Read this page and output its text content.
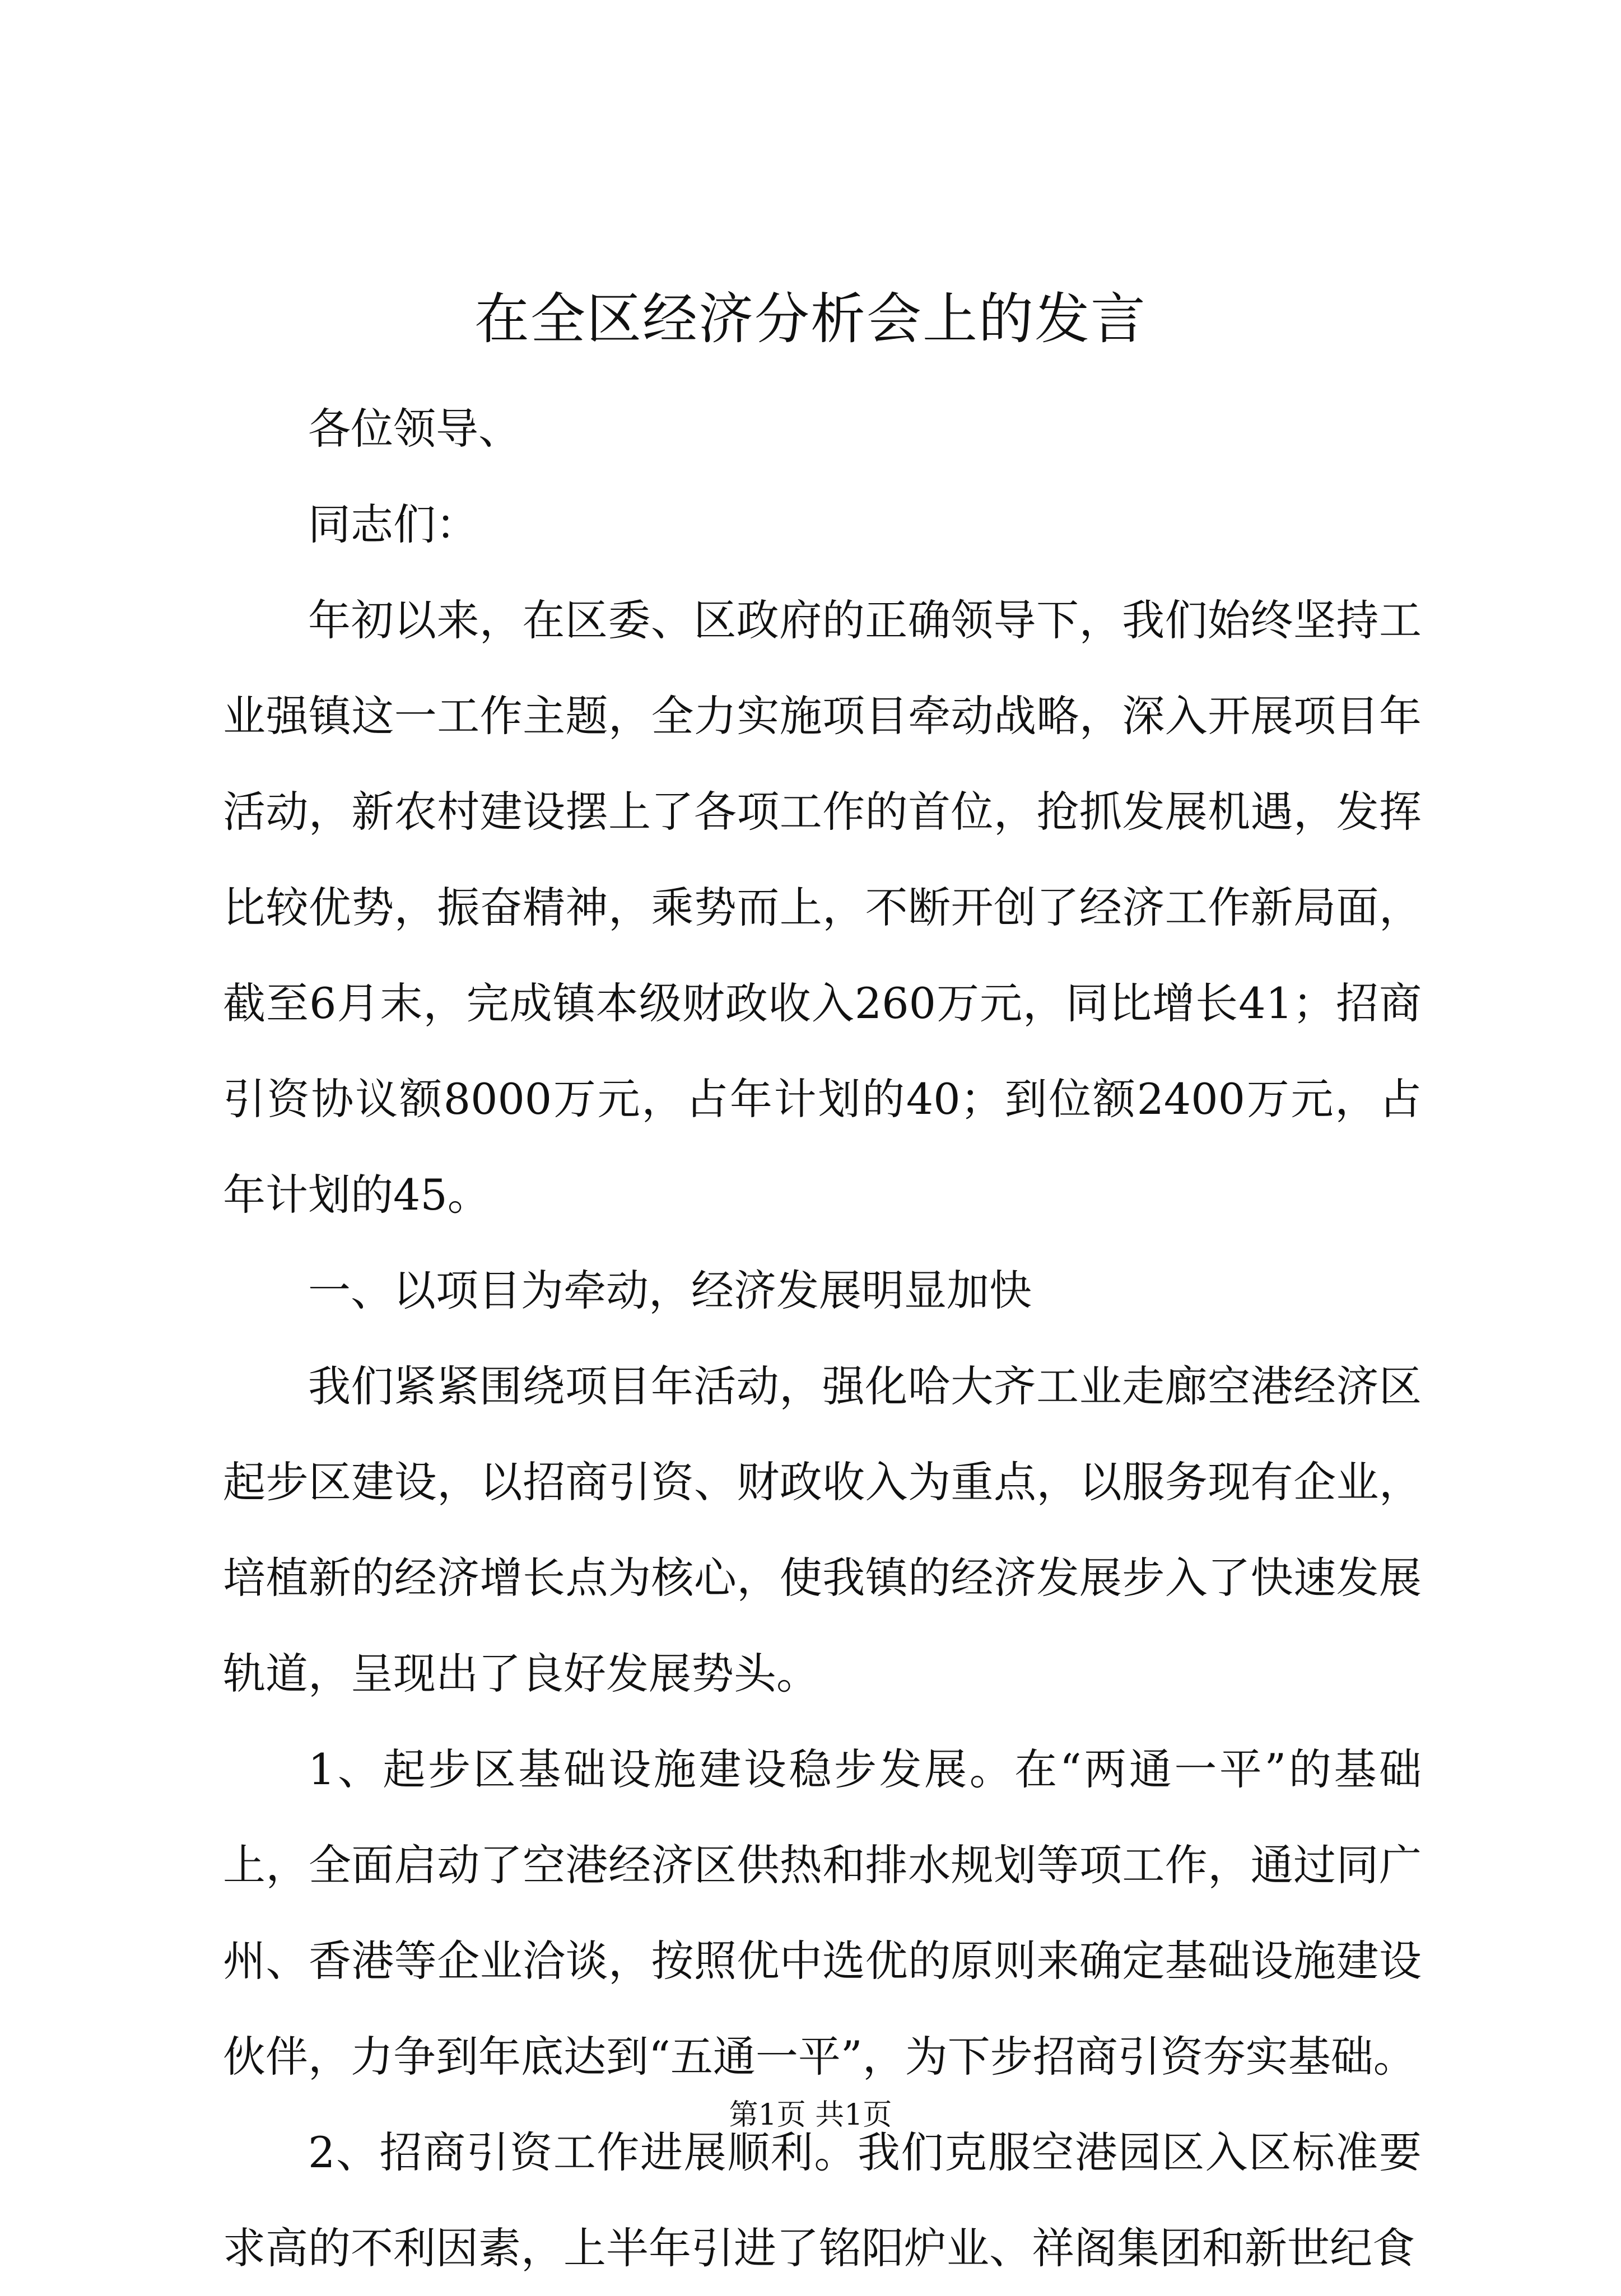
在全区经济分析会上的发言

各位领导、

同志们：

年初以来，在区委、区政府的正确领导下，我们始终坚持工业强镇这一工作主题，全力实施项目牵动战略，深入开展项目年活动，新农村建设摆上了各项工作的首位，抢抓发展机遇，发挥比较优势，振奋精神，乘势而上，不断开创了经济工作新局面，截至6月末，完成镇本级财政收入260万元，同比增长41；招商引资协议额8000万元，占年计划的40；到位额2400万元，占年计划的45。

一、以项目为牵动，经济发展明显加快

我们紧紧围绕项目年活动，强化哈大齐工业走廊空港经济区起步区建设，以招商引资、财政收入为重点，以服务现有企业，培植新的经济增长点为核心，使我镇的经济发展步入了快速发展轨道，呈现出了良好发展势头。

1、起步区基础设施建设稳步发展。在“两通一平”的基础上，全面启动了空港经济区供热和排水规划等项工作，通过同广州、香港等企业洽谈，按照优中选优的原则来确定基础设施建设伙伴，力争到年底达到“五通一平”，为下步招商引资夯实基础。

2、招商引资工作进展顺利。我们克服空港园区入区标准要求高的不利因素，上半年引进了铭阳炉业、祥阁集团和新世纪食

第1页 共1页
